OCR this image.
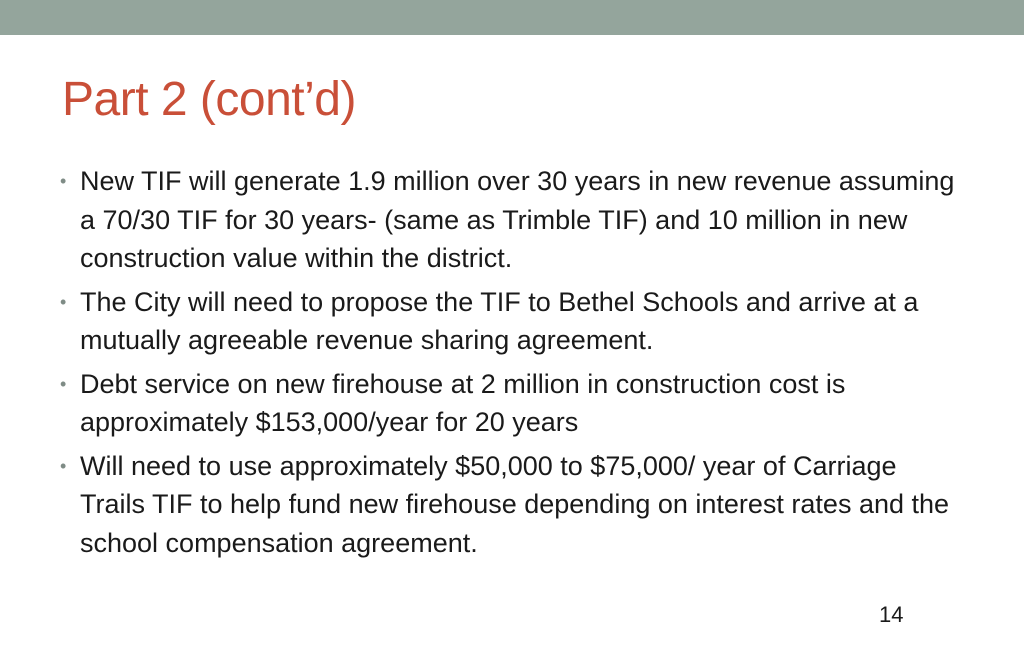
Part 2 (cont’d)
• New TIF will generate 1.9 million over 30 years in new revenue assuming a 70/30 TIF for 30 years- (same as Trimble TIF) and 10 million in new construction value within the district.
• The City will need to propose the TIF to Bethel Schools and arrive at a mutually agreeable revenue sharing agreement.
• Debt service on new firehouse at 2 million in construction cost is approximately $153,000/year for 20 years
• Will need to use approximately $50,000 to $75,000/ year of Carriage Trails TIF to help fund new firehouse depending on interest rates and the school compensation agreement.
14
